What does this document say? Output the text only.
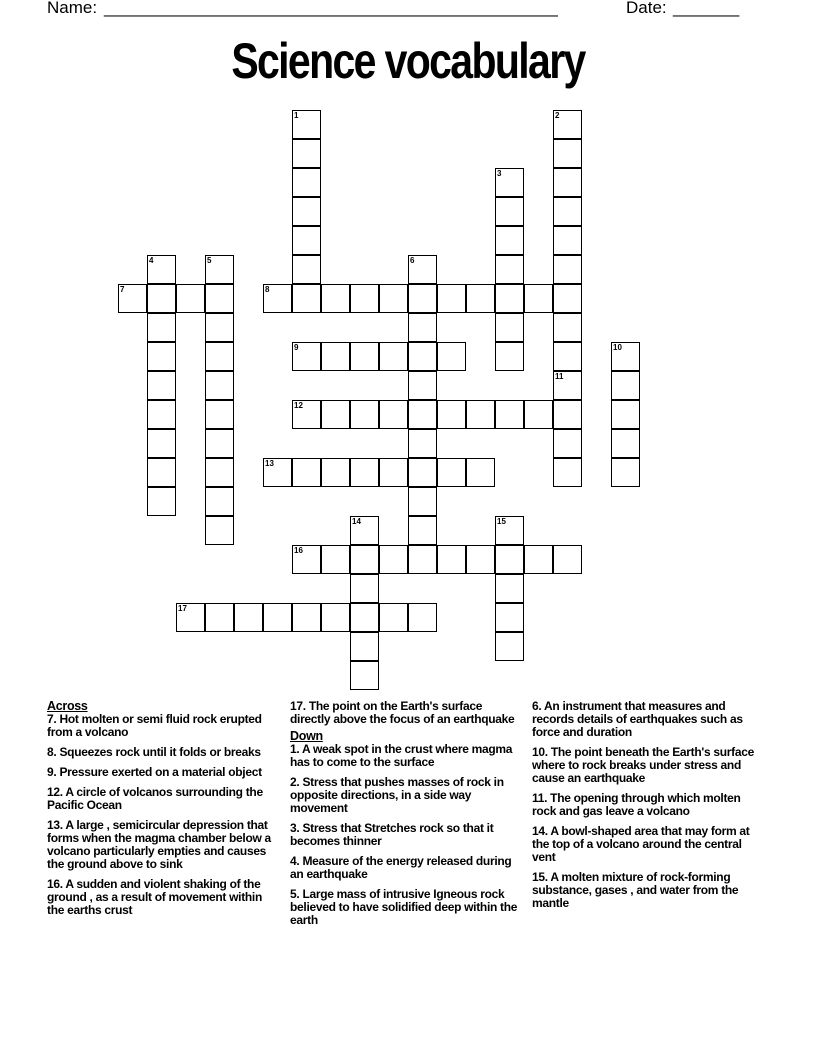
Name: ________________________________________________	Date: _______
Science vocabulary
7	8
9
12
13
16
17
1	2
3
4	5	6
10
11
14	15
Across
7. Hot molten or semi fluid rock erupted from a volcano
8. Squeezes rock until it folds or breaks
9. Pressure exerted on a material object
12. A circle of volcanos surrounding the Pacific Ocean
13. A large , semicircular depression that forms when the magma chamber below a volcano particularly empties and causes the ground above to sink
16. A sudden and violent shaking of the ground , as a result of movement within the earths crust
17. The point on the Earth's surface directly above the focus of an earthquake
Down
1. A weak spot in the crust where magma has to come to the surface
2. Stress that pushes masses of rock in opposite directions, in a side way movement
3. Stress that Stretches rock so that it becomes thinner
4. Measure of the energy released during an earthquake
5. Large mass of intrusive Igneous rock believed to have solidified deep within the earth
6. An instrument that measures and records details of earthquakes such as force and duration
10. The point beneath the Earth's surface where to rock breaks under stress and cause an earthquake
11. The opening through which molten rock and gas leave a volcano
14. A bowl-shaped area that may form at the top of a volcano around the central vent
15. A molten mixture of rock-forming substance, gases , and water from the mantle
